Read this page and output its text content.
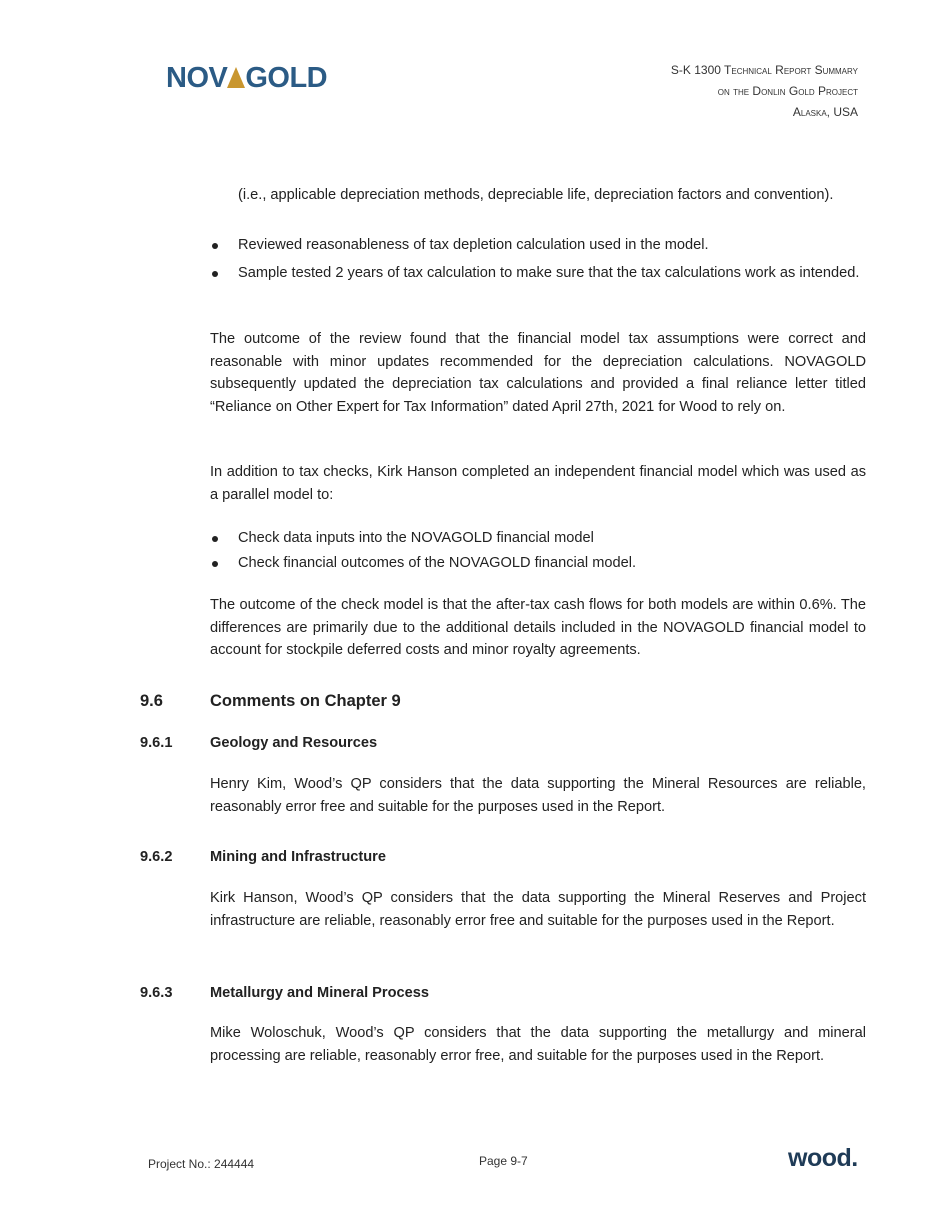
NOV GOLD	S-K 1300 Technical Report Summary
on the Donlin Gold Project
Alaska, USA
(i.e., applicable depreciation methods, depreciable life, depreciation factors and convention).
Reviewed reasonableness of tax depletion calculation used in the model.
Sample tested 2 years of tax calculation to make sure that the tax calculations work as intended.

The outcome of the review found that the financial model tax assumptions were correct and reasonable with minor updates recommended for the depreciation calculations. NOVAGOLD subsequently updated the depreciation tax calculations and provided a final reliance letter titled “Reliance on Other Expert for Tax Information” dated April 27th, 2021 for Wood to rely on.

In addition to tax checks, Kirk Hanson completed an independent financial model which was used as a parallel model to:

Check data inputs into the NOVAGOLD financial model
Check financial outcomes of the NOVAGOLD financial model.

The outcome of the check model is that the after-tax cash flows for both models are within 0.6%. The differences are primarily due to the additional details included in the NOVAGOLD financial model to account for stockpile deferred costs and minor royalty agreements.

9.6	Comments on Chapter 9
9.6.1	Geology and Resources

Henry Kim, Wood’s QP considers that the data supporting the Mineral Resources are reliable, reasonably error free and suitable for the purposes used in the Report.

9.6.2	Mining and Infrastructure

Kirk Hanson, Wood’s QP considers that the data supporting the Mineral Reserves and Project infrastructure are reliable, reasonably error free and suitable for the purposes used in the Report.

9.6.3	Metallurgy and Mineral Process

Mike Woloschuk, Wood’s QP considers that the data supporting the metallurgy and mineral processing are reliable, reasonably error free, and suitable for the purposes used in the Report.

Project No.: 244444	Page 9-7	wood.
